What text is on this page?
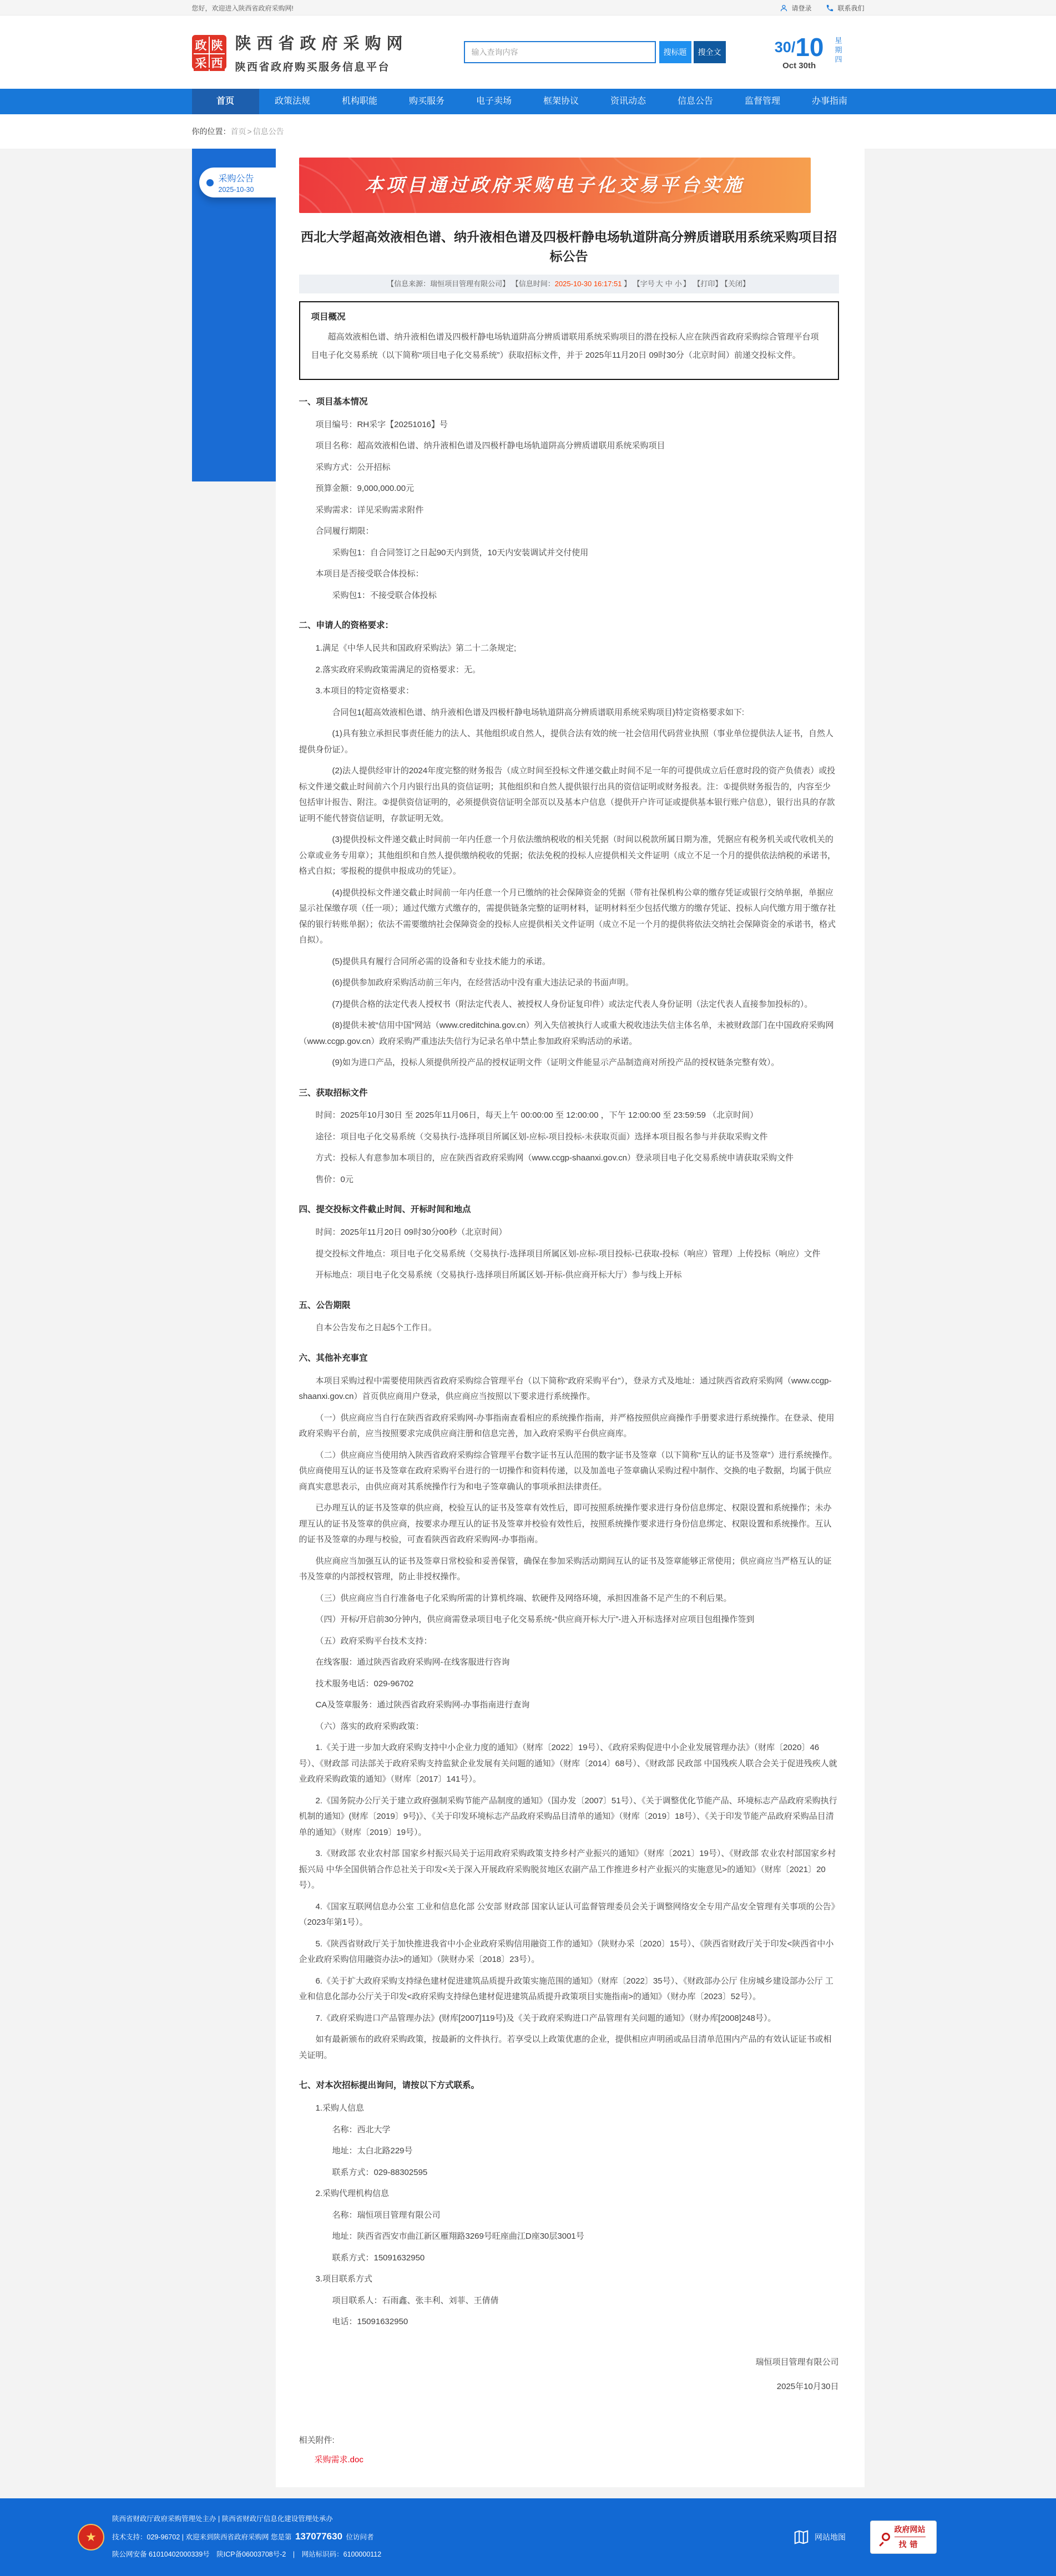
您好，欢迎进入陕西省政府采购网!	请登录	联系我们
政 陕
采 西
陕西省政府采购网
陕西省政府购买服务信息平台
输入查询内容
搜标题	搜全文	30/ 10
Oct 30th
星期四
首页	政策法规	机构职能	购买服务	电子卖场	框架协议	资讯动态	信息公告	监督管理	办事指南
你的位置： 首页 > 信息公告
采购公告
2025-10-30	本项目通过政府采购电子化交易平台实施
西北大学超高效液相色谱、纳升液相色谱及四极杆静电场轨道阱高分辨质谱联用系统采购项目招标公告
【信息来源：瑞恒项目管理有限公司】 【信息时间：2025-10-30 16:17:51 】 【字号 大 中 小 】 【打印】 【关闭】
项目概况

超高效液相色谱、纳升液相色谱及四极杆静电场轨道阱高分辨质谱联用系统采购项目的潜在投标人应在陕西省政府采购综合管理平台项目电子化交易系统（以下简称“项目电子化交易系统”）获取招标文件，并于 2025年11月20日 09时30分（北京时间）前递交投标文件。

一、项目基本情况

项目编号：RH采字【20251016】号

项目名称：超高效液相色谱、纳升液相色谱及四极杆静电场轨道阱高分辨质谱联用系统采购项目

采购方式：公开招标

预算金额：9,000,000.00元

采购需求：详见采购需求附件

合同履行期限：

采购包1：自合同签订之日起90天内到货，10天内安装调试并交付使用

本项目是否接受联合体投标：

采购包1：不接受联合体投标

二、申请人的资格要求：

1.满足《中华人民共和国政府采购法》第二十二条规定;

2.落实政府采购政策需满足的资格要求：无。

3.本项目的特定资格要求：

合同包1(超高效液相色谱、纳升液相色谱及四极杆静电场轨道阱高分辨质谱联用系统采购项目)特定资格要求如下:

(1)具有独立承担民事责任能力的法人、其他组织或自然人，提供合法有效的统一社会信用代码营业执照（事业单位提供法人证书，自然人提供身份证）。

(2)法人提供经审计的2024年度完整的财务报告（成立时间至投标文件递交截止时间不足一年的可提供成立后任意时段的资产负债表）或投标文件递交截止时间前六个月内银行出具的资信证明；其他组织和自然人提供银行出具的资信证明或财务报表。注：①提供财务报告的，内容至少包括审计报告、附注。②提供资信证明的，必须提供资信证明全部页以及基本户信息（提供开户许可证或提供基本银行账户信息），银行出具的存款证明不能代替资信证明，存款证明无效。

(3)提供投标文件递交截止时间前一年内任意一个月依法缴纳税收的相关凭据（时间以税款所属日期为准，凭据应有税务机关或代收机关的公章或业务专用章）；其他组织和自然人提供缴纳税收的凭据；依法免税的投标人应提供相关文件证明（成立不足一个月的提供依法纳税的承诺书，格式自拟；零报税的提供申报成功的凭证）。

(4)提供投标文件递交截止时间前一年内任意一个月已缴纳的社会保障资金的凭据（带有社保机构公章的缴存凭证或银行交纳单据，单据应显示社保缴存项（任一项）；通过代缴方式缴存的，需提供链条完整的证明材料，证明材料至少包括代缴方的缴存凭证、投标人向代缴方用于缴存社保的银行转账单据）；依法不需要缴纳社会保障资金的投标人应提供相关文件证明（成立不足一个月的提供将依法交纳社会保障资金的承诺书，格式自拟）。

(5)提供具有履行合同所必需的设备和专业技术能力的承诺。

(6)提供参加政府采购活动前三年内，在经营活动中没有重大违法记录的书面声明。

(7)提供合格的法定代表人授权书（附法定代表人、被授权人身份证复印件）或法定代表人身份证明（法定代表人直接参加投标的）。

(8)提供未被“信用中国”网站（www.creditchina.gov.cn）列入失信被执行人或重大税收违法失信主体名单，未被财政部门在中国政府采购网（www.ccgp.gov.cn）政府采购严重违法失信行为记录名单中禁止参加政府采购活动的承诺。

(9)如为进口产品，投标人须提供所投产品的授权证明文件（证明文件能显示产品制造商对所投产品的授权链条完整有效）。

三、获取招标文件

时间：2025年10月30日 至 2025年11月06日，每天上午 00:00:00 至 12:00:00 ，下午 12:00:00 至 23:59:59 （北京时间）

途径：项目电子化交易系统（交易执行-选择项目所属区划-应标-项目投标-未获取页面）选择本项目报名参与并获取采购文件

方式：投标人有意参加本项目的，应在陕西省政府采购网（www.ccgp-shaanxi.gov.cn）登录项目电子化交易系统申请获取采购文件

售价：0元

四、提交投标文件截止时间、开标时间和地点

时间：2025年11月20日 09时30分00秒（北京时间）

提交投标文件地点：项目电子化交易系统（交易执行-选择项目所属区划-应标-项目投标-已获取-投标（响应）管理）上传投标（响应）文件

开标地点：项目电子化交易系统（交易执行-选择项目所属区划-开标-供应商开标大厅）参与线上开标

五、公告期限

自本公告发布之日起5个工作日。

六、其他补充事宜

本项目采购过程中需要使用陕西省政府采购综合管理平台（以下简称“政府采购平台”），登录方式及地址：通过陕西省政府采购网（www.ccgp-shaanxi.gov.cn）首页供应商用户登录，供应商应当按照以下要求进行系统操作。

（一）供应商应当自行在陕西省政府采购网-办事指南查看相应的系统操作指南，并严格按照供应商操作手册要求进行系统操作。在登录、使用政府采购平台前，应当按照要求完成供应商注册和信息完善，加入政府采购平台供应商库。

（二）供应商应当使用纳入陕西省政府采购综合管理平台数字证书互认范围的数字证书及签章（以下简称“互认的证书及签章”）进行系统操作。供应商使用互认的证书及签章在政府采购平台进行的一切操作和资料传递，以及加盖电子签章确认采购过程中制作、交换的电子数据，均属于供应商真实意思表示，由供应商对其系统操作行为和电子签章确认的事项承担法律责任。

已办理互认的证书及签章的供应商，校验互认的证书及签章有效性后，即可按照系统操作要求进行身份信息绑定、权限设置和系统操作；未办理互认的证书及签章的供应商，按要求办理互认的证书及签章并校验有效性后，按照系统操作要求进行身份信息绑定、权限设置和系统操作。互认的证书及签章的办理与校验，可查看陕西省政府采购网-办事指南。

供应商应当加强互认的证书及签章日常校验和妥善保管，确保在参加采购活动期间互认的证书及签章能够正常使用；供应商应当严格互认的证书及签章的内部授权管理，防止非授权操作。

（三）供应商应当自行准备电子化采购所需的计算机终端、软硬件及网络环境，承担因准备不足产生的不利后果。

（四）开标/开启前30分钟内，供应商需登录项目电子化交易系统-“供应商开标大厅”-进入开标选择对应项目包组操作签到

（五）政府采购平台技术支持：

在线客服：通过陕西省政府采购网-在线客服进行咨询

技术服务电话：029-96702

CA及签章服务：通过陕西省政府采购网-办事指南进行查询

（六）落实的政府采购政策：

1.《关于进一步加大政府采购支持中小企业力度的通知》（财库〔2022〕19号）、《政府采购促进中小企业发展管理办法》（财库〔2020〕46号）、《财政部 司法部关于政府采购支持监狱企业发展有关问题的通知》（财库〔2014〕68号）、《财政部 民政部 中国残疾人联合会关于促进残疾人就业政府采购政策的通知》（财库〔2017〕141号）。

2.《国务院办公厅关于建立政府强制采购节能产品制度的通知》（国办发〔2007〕51号）、《关于调整优化节能产品、环境标志产品政府采购执行机制的通知》(财库〔2019〕9号)》、《关于印发环境标志产品政府采购品目清单的通知》（财库〔2019〕18号）、《关于印发节能产品政府采购品目清单的通知》（财库〔2019〕19号）。

3.《财政部 农业农村部 国家乡村振兴局关于运用政府采购政策支持乡村产业振兴的通知》（财库〔2021〕19号）、《财政部 农业农村部国家乡村振兴局 中华全国供销合作总社关于印发<关于深入开展政府采购脱贫地区农副产品工作推进乡村产业振兴的实施意见>的通知》（财库〔2021〕20号）。

4.《国家互联网信息办公室 工业和信息化部 公安部 财政部 国家认证认可监督管理委员会关于调整网络安全专用产品安全管理有关事项的公告》（2023年第1号）。

5.《陕西省财政厅关于加快推进我省中小企业政府采购信用融资工作的通知》（陕财办采〔2020〕15号）、《陕西省财政厅关于印发<陕西省中小企业政府采购信用融资办法>的通知》（陕财办采〔2018〕23号）。

6.《关于扩大政府采购支持绿色建材促进建筑品质提升政策实施范围的通知》（财库〔2022〕35号）、《财政部办公厅 住房城乡建设部办公厅 工业和信息化部办公厅关于印发<政府采购支持绿色建材促进建筑品质提升政策项目实施指南>的通知》（财办库〔2023〕52号）。

7.《政府采购进口产品管理办法》(财库[2007]119号)及《关于政府采购进口产品管理有关问题的通知》（财办库[2008]248号）。

如有最新颁布的政府采购政策，按最新的文件执行。若享受以上政策优惠的企业，提供相应声明函或品目清单范围内产品的有效认证证书或相关证明。

七、对本次招标提出询问，请按以下方式联系。

1.采购人信息

名称：西北大学

地址：太白北路229号

联系方式：029-88302595

2.采购代理机构信息

名称：瑞恒项目管理有限公司

地址：陕西省西安市曲江新区雁翔路3269号旺座曲江D座30层3001号

联系方式：15091632950

3.项目联系方式

项目联系人：石雨鑫、张丰利、刘菲、王倩倩

电话：15091632950

瑞恒项目管理有限公司

2025年10月30日

相关附件:

采购需求.doc
★
陕西省财政厅政府采购管理处主办 | 陕西省财政厅信息化建设管理处承办
技术支持：029-96702 | 欢迎来到陕西省政府采购网 您是第 137077630 位访问者
陕公网安备 61010402000339号　陕ICP备06003708号-2　|　网站标识码：6100000112
网站地图
政府网站
找错
